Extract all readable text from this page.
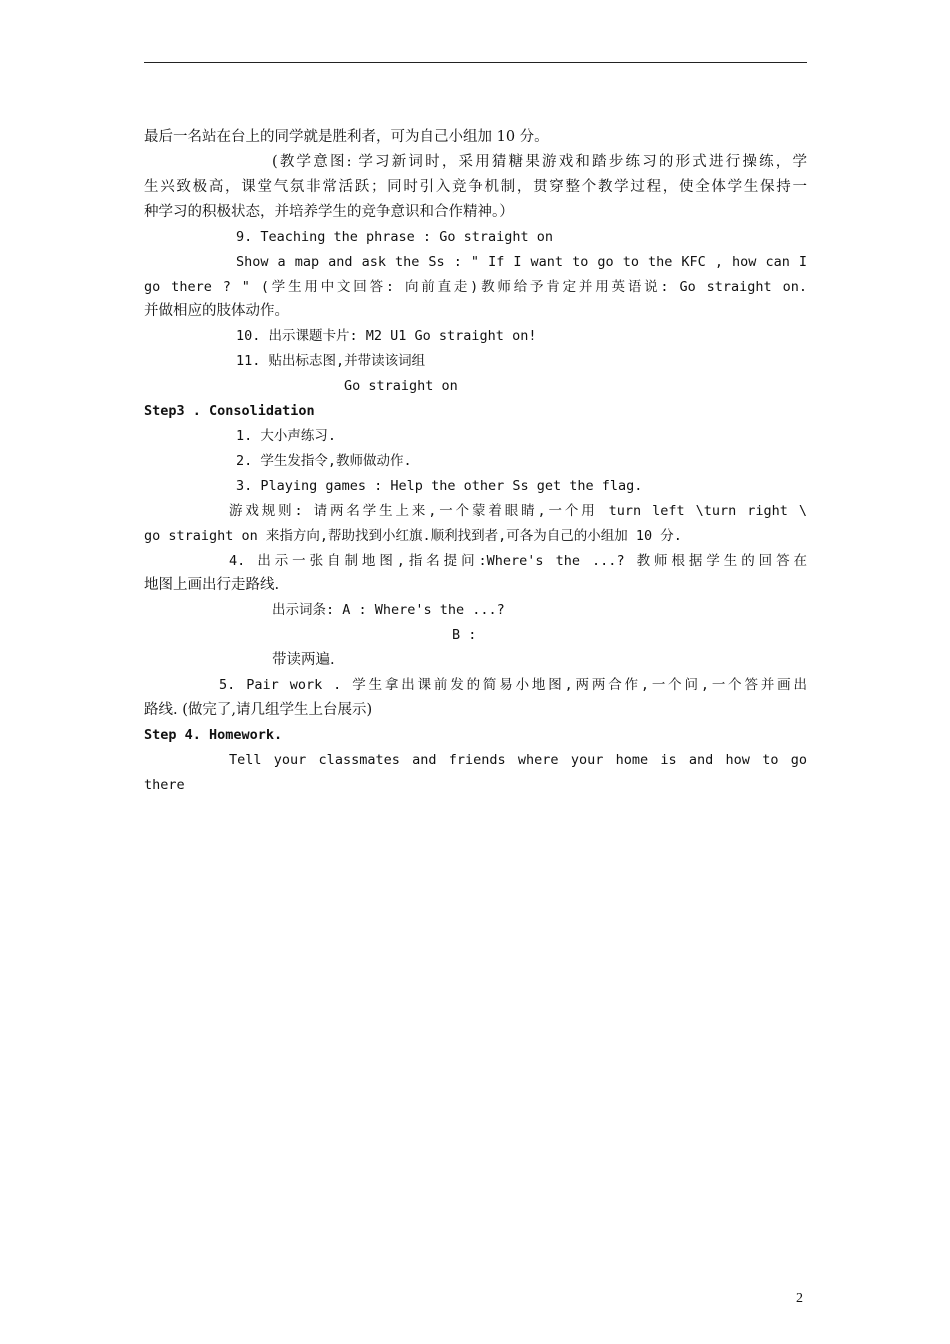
最后一名站在台上的同学就是胜利者，可为自己小组加 10 分。
(教学意图: 学习新词时，采用猜糖果游戏和踏步练习的形式进行操练，学
生兴致极高，课堂气氛非常活跃；同时引入竞争机制，贯穿整个教学过程，使全体学生保持一
种学习的积极状态，并培养学生的竞争意识和合作精神。）
9. Teaching the phrase : Go straight on
Show a map and ask the Ss : " If I want to go to the KFC , how can I
go there ? " (学生用中文回答: 向前直走)教师给予肯定并用英语说: Go straight on.
并做相应的肢体动作。
10. 出示课题卡片: M2 U1 Go straight on!
11. 贴出标志图,并带读该词组
Go straight on
Step3 . Consolidation
1. 大小声练习.
2. 学生发指令,教师做动作.
3. Playing games : Help the other Ss get the flag.
游戏规则: 请两名学生上来,一个蒙着眼睛,一个用 turn left \turn right \
go straight on 来指方向,帮助找到小红旗.顺利找到者,可各为自己的小组加 10 分.
4. 出示一张自制地图,指名提问:Where's the ...? 教师根据学生的回答在
地图上画出行走路线.
出示词条: A : Where's the ...?
B :
带读两遍.
5. Pair work . 学生拿出课前发的简易小地图,两两合作,一个问,一个答并画出
路线. (做完了,请几组学生上台展示)
Step 4. Homework.
Tell your classmates and friends where your home is and how to go
there
2
